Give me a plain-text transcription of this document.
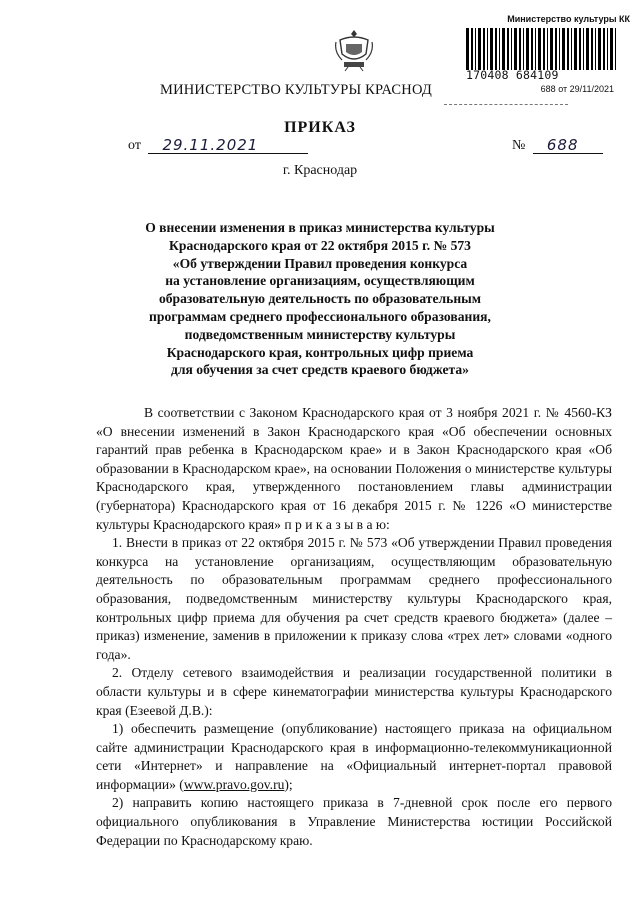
Министерство культуры КК
170408 684109
688 от 29/11/2021
МИНИСТЕРСТВО КУЛЬТУРЫ КРАСНОД
ПРИКАЗ
от 29.11.2021	№ 688
г. Краснодар
О внесении изменения в приказ министерства культуры
Краснодарского края от 22 октября 2015 г. № 573
«Об утверждении Правил проведения конкурса
на установление организациям, осуществляющим
образовательную деятельность по образовательным
программам среднего профессионального образования,
подведомственным министерству культуры
Краснодарского края, контрольных цифр приема
для обучения за счет средств краевого бюджета»

В соответствии с Законом Краснодарского края от 3 ноября 2021 г. № 4560-КЗ «О внесении изменений в Закон Краснодарского края «Об обеспечении основных гарантий прав ребенка в Краснодарском крае» и в Закон Краснодарского края «Об образовании в Краснодарском крае», на основании Положения о министерстве культуры Краснодарского края, утвержденного постановлением главы администрации (губернатора) Краснодарского края от 16 декабря 2015 г. № 1226 «О министерстве культуры Краснодарского края» п р и к а з ы в а ю:

1. Внести в приказ от 22 октября 2015 г. № 573 «Об утверждении Правил проведения конкурса на установление организациям, осуществляющим образовательную деятельность по образовательным программам среднего профессионального образования, подведомственным министерству культуры Краснодарского края, контрольных цифр приема для обучения ра счет средств краевого бюджета» (далее – приказ) изменение, заменив в приложении к приказу слова «трех лет» словами «одного года».

2. Отделу сетевого взаимодействия и реализации государственной политики в области культуры и в сфере кинематографии министерства культуры Краснодарского края (Езеевой Д.В.):

1) обеспечить размещение (опубликование) настоящего приказа на официальном сайте администрации Краснодарского края в информационно-телекоммуникационной сети «Интернет» и направление на «Официальный интернет-портал правовой информации» (www.pravo.gov.ru);

2) направить копию настоящего приказа в 7-дневной срок после его первого официального опубликования в Управление Министерства юстиции Российской Федерации по Краснодарскому краю.
